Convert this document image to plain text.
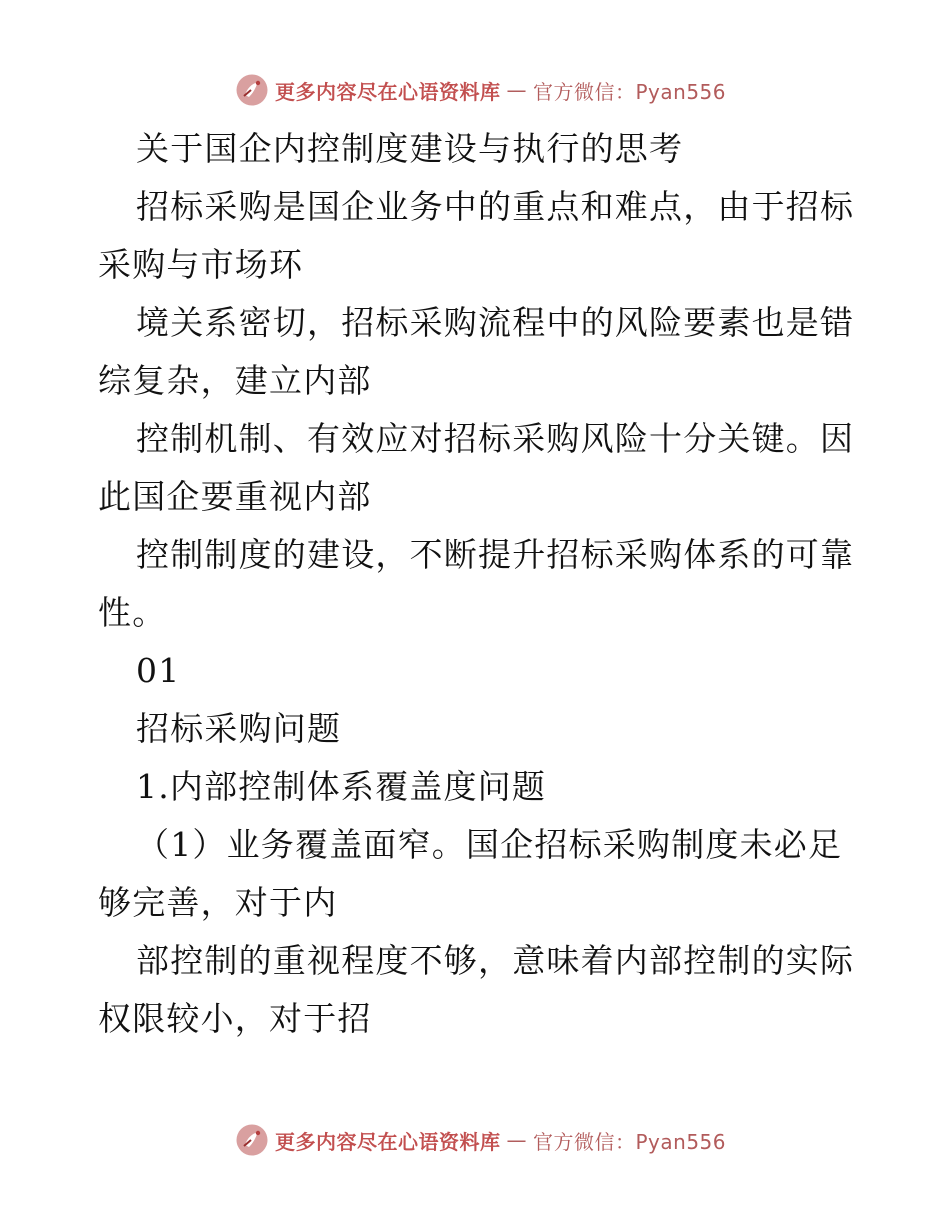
更多内容尽在心语资料库 — 官方微信：Pyan556

关于国企内控制度建设与执行的思考

招标采购是国企业务中的重点和难点，由于招标采购与市场环

境关系密切，招标采购流程中的风险要素也是错综复杂，建立内部

控制机制、有效应对招标采购风险十分关键。因此国企要重视内部

控制制度的建设，不断提升招标采购体系的可靠性。

01

招标采购问题

1.内部控制体系覆盖度问题

（1）业务覆盖面窄。国企招标采购制度未必足够完善，对于内

部控制的重视程度不够，意味着内部控制的实际权限较小，对于招

更多内容尽在心语资料库 — 官方微信：Pyan556
